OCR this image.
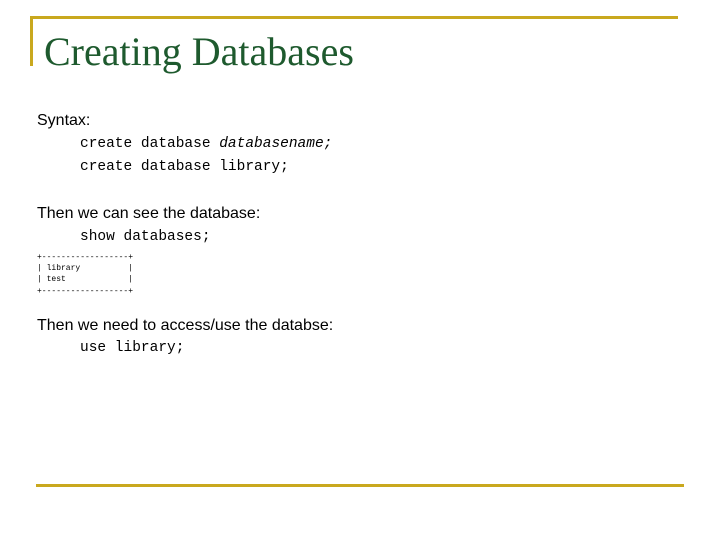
Creating Databases
Syntax:
create database databasename;
create database library;
Then we can see the database:
show databases;
+------------------+
| library          |
| test             |
+------------------+
Then we need to access/use the databse:
use library;
